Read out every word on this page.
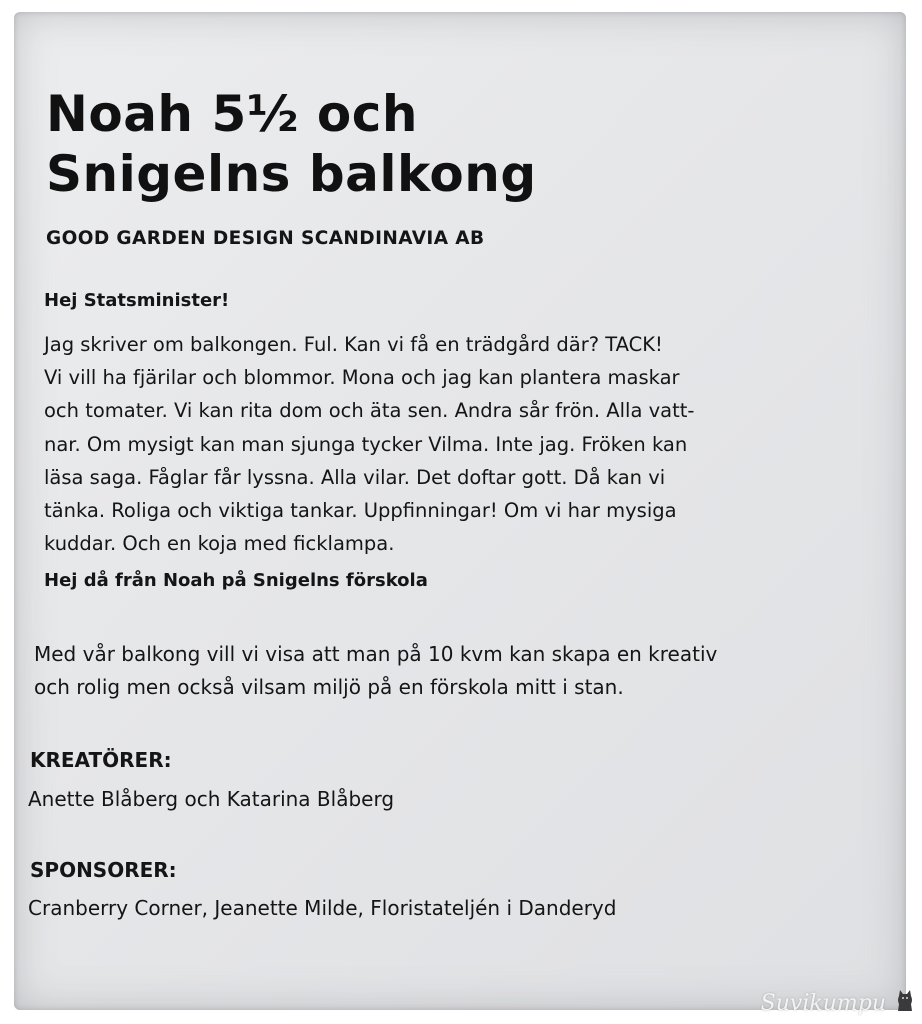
Noah 5½ och
Snigelns balkong
GOOD GARDEN DESIGN SCANDINAVIA AB
Hej Statsminister!

Jag skriver om balkongen. Ful. Kan vi få en trädgård där? TACK!
Vi vill ha fjärilar och blommor. Mona och jag kan plantera maskar
och tomater. Vi kan rita dom och äta sen. Andra sår frön. Alla vatt-
nar. Om mysigt kan man sjunga tycker Vilma. Inte jag. Fröken kan
läsa saga. Fåglar får lyssna. Alla vilar. Det doftar gott. Då kan vi
tänka. Roliga och viktiga tankar. Uppfinningar! Om vi har mysiga
kuddar. Och en koja med ficklampa.

Hej då från Noah på Snigelns förskola

Med vår balkong vill vi visa att man på 10 kvm kan skapa en kreativ
och rolig men också vilsam miljö på en förskola mitt i stan.

KREATÖRER:
Anette Blåberg och Katarina Blåberg
SPONSORER:
Cranberry Corner, Jeanette Milde, Floristateljén i Danderyd
Suvikumpu
